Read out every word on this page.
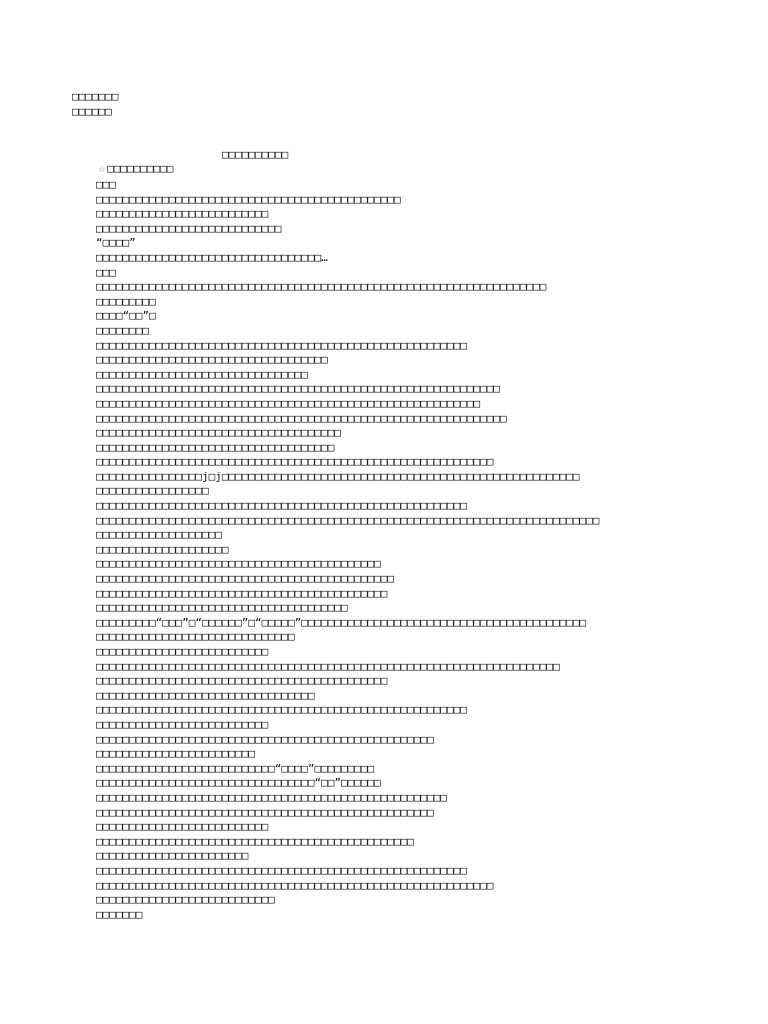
□□□□□□□
□□□□□□

☆ □□□□□□□□□□

□□□□□□□□□□

□□□
□□□□□□□□□□□□□□□□□□□□□□□□□□□□□□□□□□□□□□□□□□□□□□
□□□□□□□□□□□□□□□□□□□□□□□□□□
□□□□□□□□□□□□□□□□□□□□□□□□□□□□
“□□□□”
□□□□□□□□□□□□□□□□□□□□□□□□□□□□□□□□□□…
□□□
□□□□□□□□□□□□□□□□□□□□□□□□□□□□□□□□□□□□□□□□□□□□□□□□□□□□□□□□□□□□□□□□□□□□
□□□□□□□□□
□□□□“□□”□
□□□□□□□□
□□□□□□□□□□□□□□□□□□□□□□□□□□□□□□□□□□□□□□□□□□□□□□□□□□□□□□□□
□□□□□□□□□□□□□□□□□□□□□□□□□□□□□□□□□□□
□□□□□□□□□□□□□□□□□□□□□□□□□□□□□□□□
□□□□□□□□□□□□□□□□□□□□□□□□□□□□□□□□□□□□□□□□□□□□□□□□□□□□□□□□□□□□□
□□□□□□□□□□□□□□□□□□□□□□□□□□□□□□□□□□□□□□□□□□□□□□□□□□□□□□□□□□
□□□□□□□□□□□□□□□□□□□□□□□□□□□□□□□□□□□□□□□□□□□□□□□□□□□□□□□□□□□□□□
□□□□□□□□□□□□□□□□□□□□□□□□□□□□□□□□□□□□□
□□□□□□□□□□□□□□□□□□□□□□□□□□□□□□□□□□□□
□□□□□□□□□□□□□□□□□□□□□□□□□□□□□□□□□□□□□□□□□□□□□□□□□□□□□□□□□□□□
□□□□□□□□□□□□□□□□j□j□□□□□□□□□□□□□□□□□□□□□□□□□□□□□□□□□□□□□□□□□□□□□□□□□□□□□□
□□□□□□□□□□□□□□□□□
□□□□□□□□□□□□□□□□□□□□□□□□□□□□□□□□□□□□□□□□□□□□□□□□□□□□□□□□
□□□□□□□□□□□□□□□□□□□□□□□□□□□□□□□□□□□□□□□□□□□□□□□□□□□□□□□□□□□□□□□□□□□□□□□□□□□□
□□□□□□□□□□□□□□□□□□□
□□□□□□□□□□□□□□□□□□□□
□□□□□□□□□□□□□□□□□□□□□□□□□□□□□□□□□□□□□□□□□□□
□□□□□□□□□□□□□□□□□□□□□□□□□□□□□□□□□□□□□□□□□□□□□
□□□□□□□□□□□□□□□□□□□□□□□□□□□□□□□□□□□□□□□□□□□□
□□□□□□□□□□□□□□□□□□□□□□□□□□□□□□□□□□□□□□
□□□□□□□□□“□□□”□“□□□□□□”□“□□□□□”□□□□□□□□□□□□□□□□□□□□□□□□□□□□□□□□□□□□□□□□□□□
□□□□□□□□□□□□□□□□□□□□□□□□□□□□□□
□□□□□□□□□□□□□□□□□□□□□□□□□□
□□□□□□□□□□□□□□□□□□□□□□□□□□□□□□□□□□□□□□□□□□□□□□□□□□□□□□□□□□□□□□□□□□□□□□
□□□□□□□□□□□□□□□□□□□□□□□□□□□□□□□□□□□□□□□□□□□□
□□□□□□□□□□□□□□□□□□□□□□□□□□□□□□□□□
□□□□□□□□□□□□□□□□□□□□□□□□□□□□□□□□□□□□□□□□□□□□□□□□□□□□□□□□
□□□□□□□□□□□□□□□□□□□□□□□□□□
□□□□□□□□□□□□□□□□□□□□□□□□□□□□□□□□□□□□□□□□□□□□□□□□□□□
□□□□□□□□□□□□□□□□□□□□□□□□
□□□□□□□□□□□□□□□□□□□□□□□□□□□“□□□□”□□□□□□□□□
□□□□□□□□□□□□□□□□□□□□□□□□□□□□□□□□□“□□”□□□□□□
□□□□□□□□□□□□□□□□□□□□□□□□□□□□□□□□□□□□□□□□□□□□□□□□□□□□□
□□□□□□□□□□□□□□□□□□□□□□□□□□□□□□□□□□□□□□□□□□□□□□□□□□□
□□□□□□□□□□□□□□□□□□□□□□□□□□
□□□□□□□□□□□□□□□□□□□□□□□□□□□□□□□□□□□□□□□□□□□□□□□□
□□□□□□□□□□□□□□□□□□□□□□□
□□□□□□□□□□□□□□□□□□□□□□□□□□□□□□□□□□□□□□□□□□□□□□□□□□□□□□□□
□□□□□□□□□□□□□□□□□□□□□□□□□□□□□□□□□□□□□□□□□□□□□□□□□□□□□□□□□□□□
□□□□□□□□□□□□□□□□□□□□□□□□□□□
□□□□□□□
